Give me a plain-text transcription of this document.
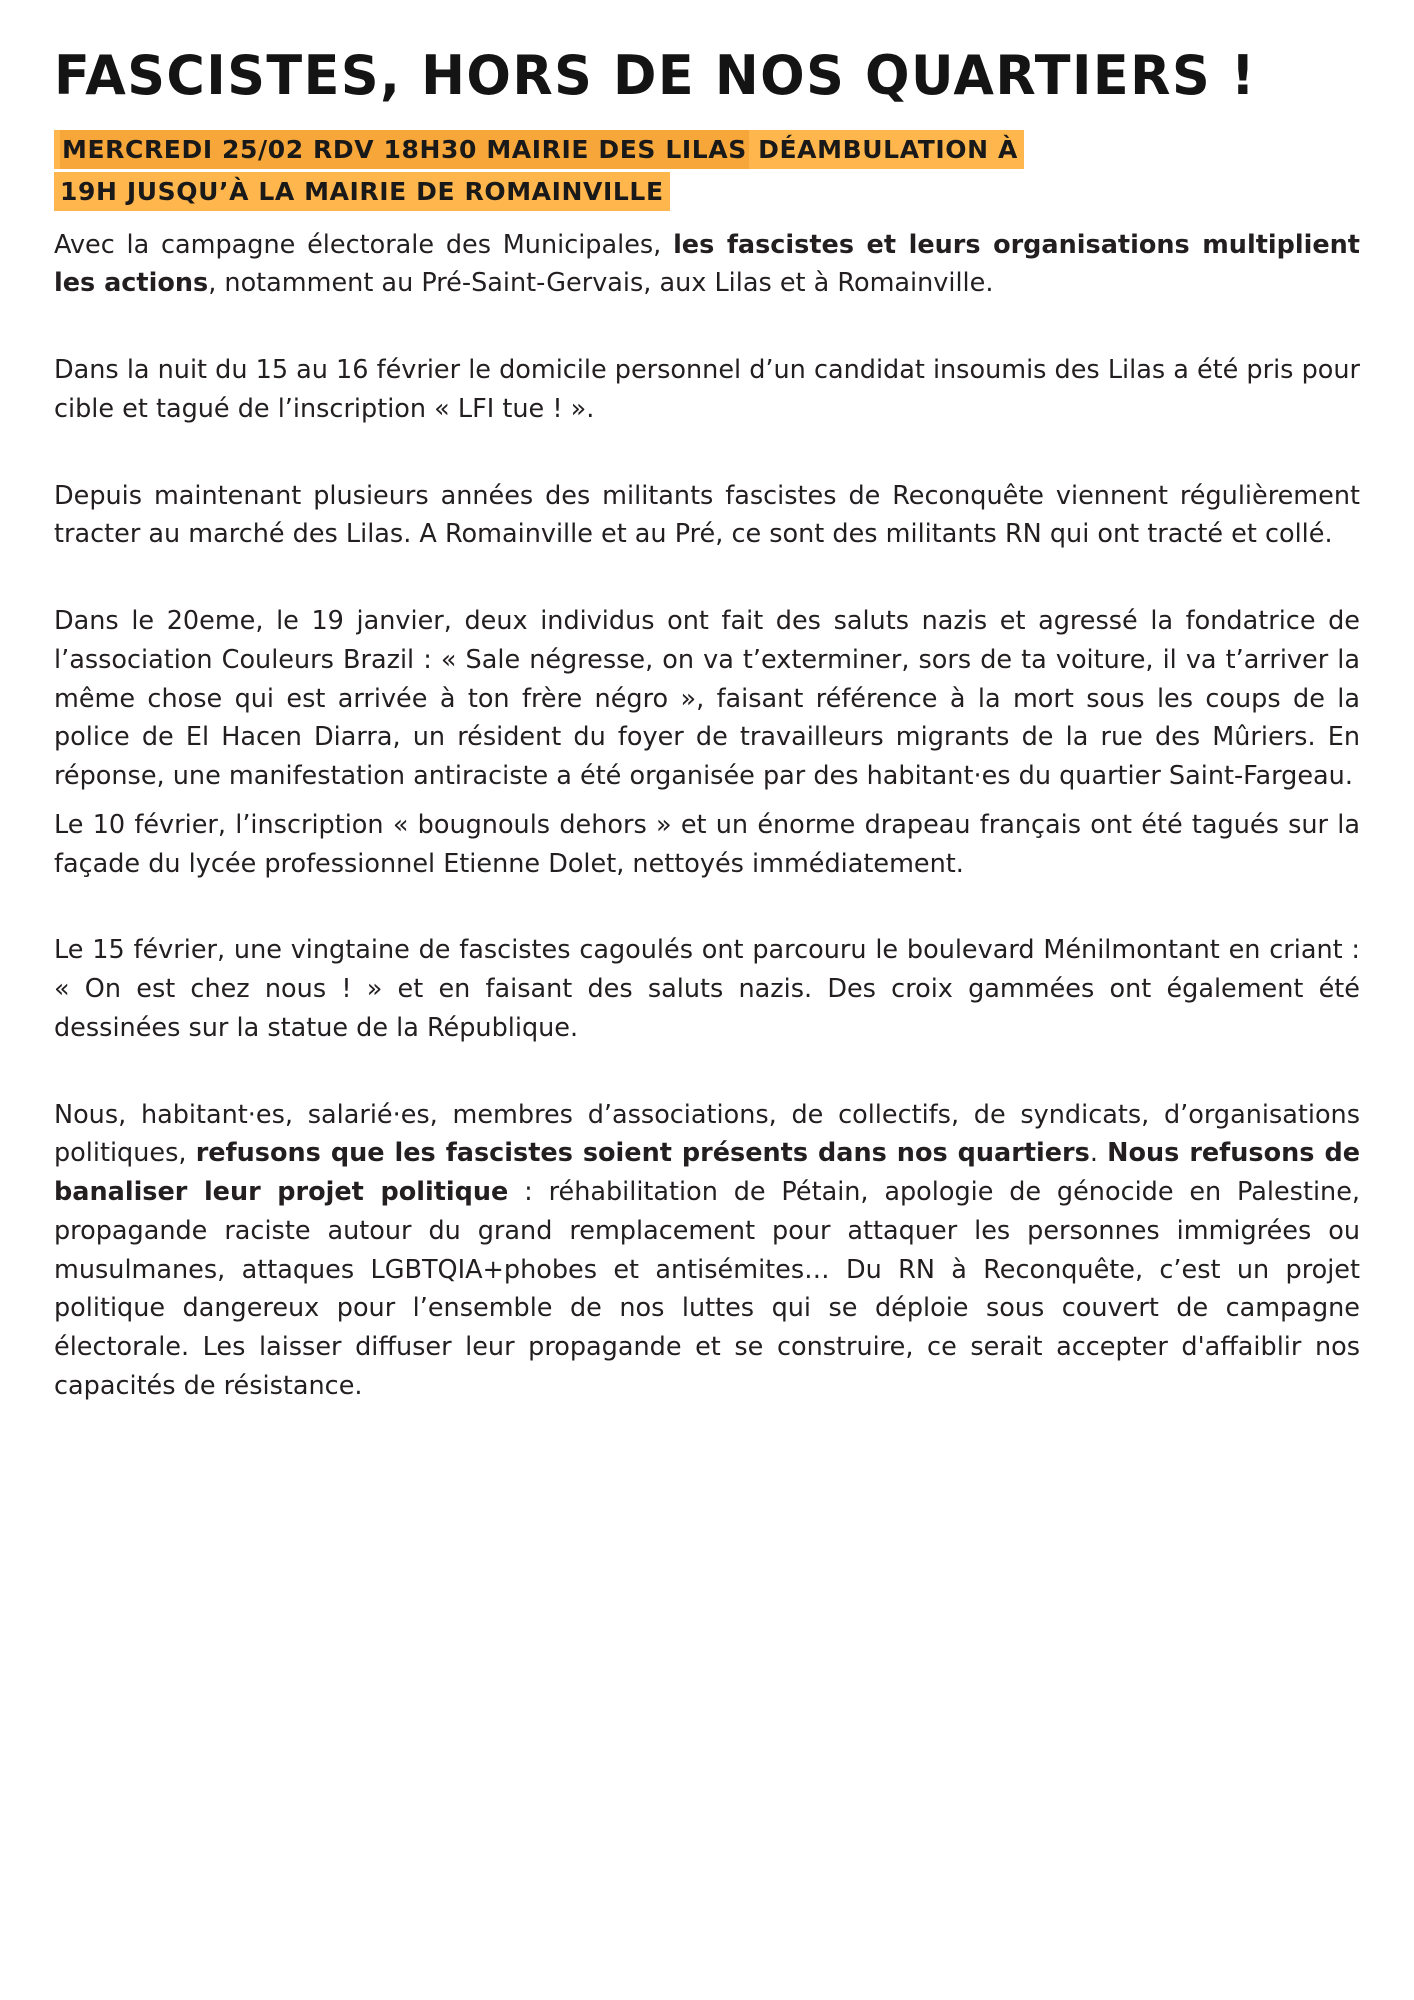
FASCISTES, HORS DE NOS QUARTIERS !
MERCREDI 25/02 RDV 18H30 MAIRIE DES LILAS DÉAMBULATION À 19H JUSQU’À LA MAIRIE DE ROMAINVILLE

Avec la campagne électorale des Municipales, les fascistes et leurs organisations multiplient les actions, notamment au Pré-Saint-Gervais, aux Lilas et à Romainville.

Dans la nuit du 15 au 16 février le domicile personnel d’un candidat insoumis des Lilas a été pris pour cible et tagué de l’inscription « LFI tue ! ».

Depuis maintenant plusieurs années des militants fascistes de Reconquête viennent régulièrement tracter au marché des Lilas. A Romainville et au Pré, ce sont des militants RN qui ont tracté et collé.

Dans le 20eme, le 19 janvier, deux individus ont fait des saluts nazis et agressé la fondatrice de l’association Couleurs Brazil : « Sale négresse, on va t’exterminer, sors de ta voiture, il va t’arriver la même chose qui est arrivée à ton frère négro », faisant référence à la mort sous les coups de la police de El Hacen Diarra, un résident du foyer de travailleurs migrants de la rue des Mûriers. En réponse, une manifestation antiraciste a été organisée par des habitant·es du quartier Saint-Fargeau.

Le 10 février, l’inscription « bougnouls dehors » et un énorme drapeau français ont été tagués sur la façade du lycée professionnel Etienne Dolet, nettoyés immédiatement.

Le 15 février, une vingtaine de fascistes cagoulés ont parcouru le boulevard Ménilmontant en criant : « On est chez nous ! » et en faisant des saluts nazis. Des croix gammées ont également été dessinées sur la statue de la République.

Nous, habitant·es, salarié·es, membres d’associations, de collectifs, de syndicats, d’organisations politiques, refusons que les fascistes soient présents dans nos quartiers. Nous refusons de banaliser leur projet politique : réhabilitation de Pétain, apologie de génocide en Palestine, propagande raciste autour du grand remplacement pour attaquer les personnes immigrées ou musulmanes, attaques LGBTQIA+phobes et antisémites… Du RN à Reconquête, c’est un projet politique dangereux pour l’ensemble de nos luttes qui se déploie sous couvert de campagne électorale. Les laisser diffuser leur propagande et se construire, ce serait accepter d'affaiblir nos capacités de résistance.
